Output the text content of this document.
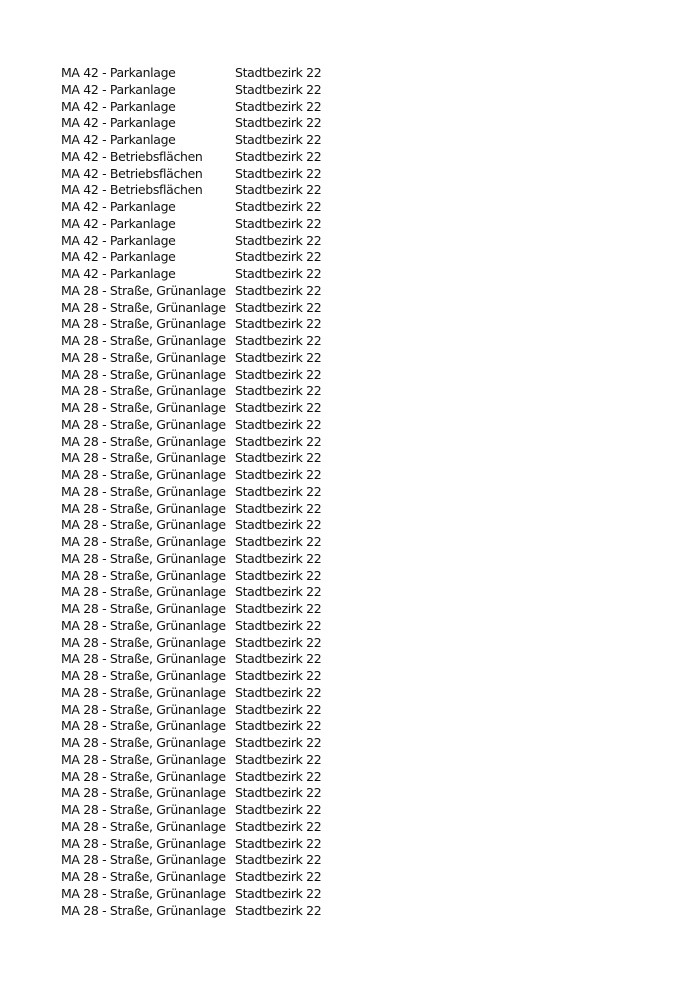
MA 42 - Parkanlage	Stadtbezirk 22
MA 42 - Parkanlage	Stadtbezirk 22
MA 42 - Parkanlage	Stadtbezirk 22
MA 42 - Parkanlage	Stadtbezirk 22
MA 42 - Parkanlage	Stadtbezirk 22
MA 42 - Betriebsflächen	Stadtbezirk 22
MA 42 - Betriebsflächen	Stadtbezirk 22
MA 42 - Betriebsflächen	Stadtbezirk 22
MA 42 - Parkanlage	Stadtbezirk 22
MA 42 - Parkanlage	Stadtbezirk 22
MA 42 - Parkanlage	Stadtbezirk 22
MA 42 - Parkanlage	Stadtbezirk 22
MA 42 - Parkanlage	Stadtbezirk 22
MA 28 - Straße, Grünanlage Stadtbezirk 22
MA 28 - Straße, Grünanlage Stadtbezirk 22
MA 28 - Straße, Grünanlage Stadtbezirk 22
MA 28 - Straße, Grünanlage Stadtbezirk 22
MA 28 - Straße, Grünanlage Stadtbezirk 22
MA 28 - Straße, Grünanlage Stadtbezirk 22
MA 28 - Straße, Grünanlage Stadtbezirk 22
MA 28 - Straße, Grünanlage Stadtbezirk 22
MA 28 - Straße, Grünanlage Stadtbezirk 22
MA 28 - Straße, Grünanlage Stadtbezirk 22
MA 28 - Straße, Grünanlage Stadtbezirk 22
MA 28 - Straße, Grünanlage Stadtbezirk 22
MA 28 - Straße, Grünanlage Stadtbezirk 22
MA 28 - Straße, Grünanlage Stadtbezirk 22
MA 28 - Straße, Grünanlage Stadtbezirk 22
MA 28 - Straße, Grünanlage Stadtbezirk 22
MA 28 - Straße, Grünanlage Stadtbezirk 22
MA 28 - Straße, Grünanlage Stadtbezirk 22
MA 28 - Straße, Grünanlage Stadtbezirk 22
MA 28 - Straße, Grünanlage Stadtbezirk 22
MA 28 - Straße, Grünanlage Stadtbezirk 22
MA 28 - Straße, Grünanlage Stadtbezirk 22
MA 28 - Straße, Grünanlage Stadtbezirk 22
MA 28 - Straße, Grünanlage Stadtbezirk 22
MA 28 - Straße, Grünanlage Stadtbezirk 22
MA 28 - Straße, Grünanlage Stadtbezirk 22
MA 28 - Straße, Grünanlage Stadtbezirk 22
MA 28 - Straße, Grünanlage Stadtbezirk 22
MA 28 - Straße, Grünanlage Stadtbezirk 22
MA 28 - Straße, Grünanlage Stadtbezirk 22
MA 28 - Straße, Grünanlage Stadtbezirk 22
MA 28 - Straße, Grünanlage Stadtbezirk 22
MA 28 - Straße, Grünanlage Stadtbezirk 22
MA 28 - Straße, Grünanlage Stadtbezirk 22
MA 28 - Straße, Grünanlage Stadtbezirk 22
MA 28 - Straße, Grünanlage Stadtbezirk 22
MA 28 - Straße, Grünanlage Stadtbezirk 22
MA 28 - Straße, Grünanlage Stadtbezirk 22
